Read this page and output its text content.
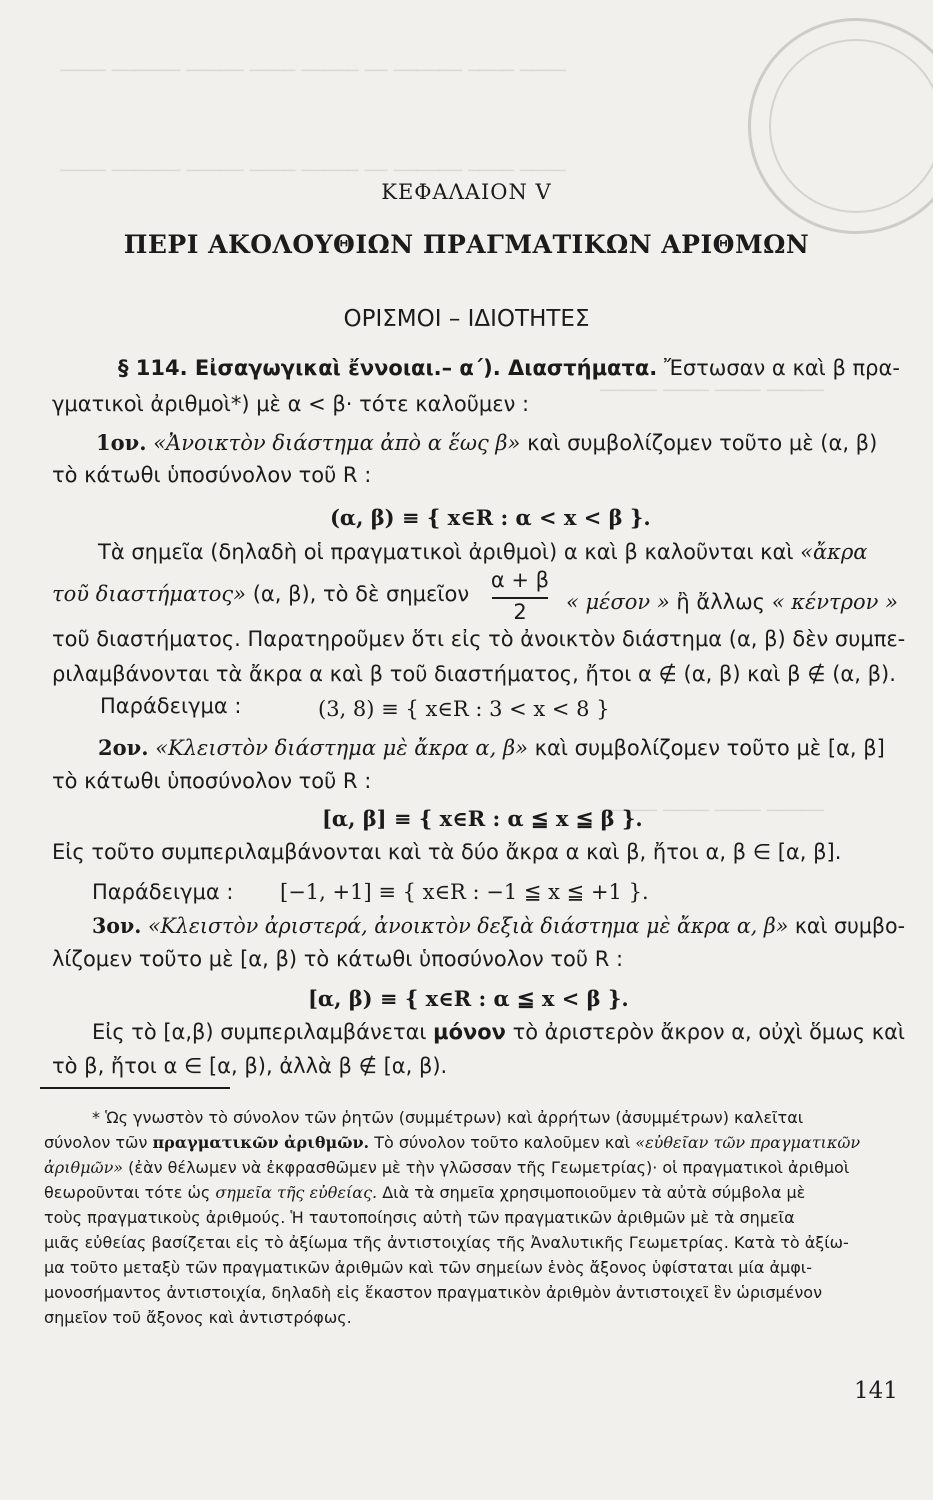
──── ────── ───── ──── ───── ── ────── ──── ────
──── ────── ───── ──── ───── ── ────── ──── ────
───── ──── ──── ─────
───── ──── ──── ─────
ΚΕΦΑΛΑΙΟΝ V
ΠΕΡΙ ΑΚΟΛΟΥΘΙΩΝ ΠΡΑΓΜΑΤΙΚΩΝ ΑΡΙΘΜΩΝ
ΟΡΙΣΜΟΙ – ΙΔΙΟΤΗΤΕΣ
§ 114. Εἰσαγωγικαὶ ἔννοιαι.– α΄). Διαστήματα. Ἔστωσαν α καὶ β πρα-
γματικοὶ ἀριθμοὶ*) μὲ α < β· τότε καλοῦμεν :
1ον. «Ἀνοικτὸν διάστημα ἀπὸ α ἕως β» καὶ συμβολίζομεν τοῦτο μὲ (α, β)
τὸ κάτωθι ὑποσύνολον τοῦ R :
(α, β) ≡ { x∈R : α < x < β }.
Τὰ σημεῖα (δηλαδὴ οἱ πραγματικοὶ ἀριθμοὶ) α καὶ β καλοῦνται καὶ «ἄκρα
τοῦ διαστήματος» (α, β), τὸ δὲ σημεῖον
α + β
2	« μέσον » ἢ ἄλλως « κέντρον »
τοῦ διαστήματος. Παρατηροῦμεν ὅτι εἰς τὸ ἀνοικτὸν διάστημα (α, β) δὲν συμπε-
ριλαμβάνονται τὰ ἄκρα α καὶ β τοῦ διαστήματος, ἤτοι α ∉ (α, β) καὶ β ∉ (α, β).
Παράδειγμα :	(3, 8) ≡ { x∈R : 3 < x < 8 }
2ον. «Κλειστὸν διάστημα μὲ ἄκρα α, β» καὶ συμβολίζομεν τοῦτο μὲ [α, β]
τὸ κάτωθι ὑποσύνολον τοῦ R :
[α, β] ≡ { x∈R : α ≦ x ≦ β }.
Εἰς τοῦτο συμπεριλαμβάνονται καὶ τὰ δύο ἄκρα α καὶ β, ἤτοι α, β ∈ [α, β].
Παράδειγμα : [−1, +1] ≡ { x∈R : −1 ≦ x ≦ +1 }.
3ον. «Κλειστὸν ἀριστερά, ἀνοικτὸν δεξιὰ διάστημα μὲ ἄκρα α, β» καὶ συμβο-
λίζομεν τοῦτο μὲ [α, β) τὸ κάτωθι ὑποσύνολον τοῦ R :
[α, β) ≡ { x∈R : α ≦ x < β }.
Εἰς τὸ [α,β) συμπεριλαμβάνεται μόνον τὸ ἀριστερὸν ἄκρον α, οὐχὶ ὅμως καὶ
τὸ β, ἤτοι α ∈ [α, β), ἀλλὰ β ∉ [α, β).
* Ὡς γνωστὸν τὸ σύνολον τῶν ῥητῶν (συμμέτρων) καὶ ἀρρήτων (ἀσυμμέτρων) καλεῖται
σύνολον τῶν πραγματικῶν ἀριθμῶν. Τὸ σύνολον τοῦτο καλοῦμεν καὶ «εὐθεῖαν τῶν πραγματικῶν
ἀριθμῶν» (ἐὰν θέλωμεν νὰ ἐκφρασθῶμεν μὲ τὴν γλῶσσαν τῆς Γεωμετρίας)· οἱ πραγματικοὶ ἀριθμοὶ
θεωροῦνται τότε ὡς σημεῖα τῆς εὐθείας. Διὰ τὰ σημεῖα χρησιμοποιοῦμεν τὰ αὐτὰ σύμβολα μὲ
τοὺς πραγματικοὺς ἀριθμούς. Ἡ ταυτοποίησις αὐτὴ τῶν πραγματικῶν ἀριθμῶν μὲ τὰ σημεῖα
μιᾶς εὐθείας βασίζεται εἰς τὸ ἀξίωμα τῆς ἀντιστοιχίας τῆς Ἀναλυτικῆς Γεωμετρίας. Κατὰ τὸ ἀξίω-
μα τοῦτο μεταξὺ τῶν πραγματικῶν ἀριθμῶν καὶ τῶν σημείων ἑνὸς ἄξονος ὑφίσταται μία ἀμφι-
μονοσήμαντος ἀντιστοιχία, δηλαδὴ εἰς ἕκαστον πραγματικὸν ἀριθμὸν ἀντιστοιχεῖ ἓν ὡρισμένον
σημεῖον τοῦ ἄξονος καὶ ἀντιστρόφως.
141
